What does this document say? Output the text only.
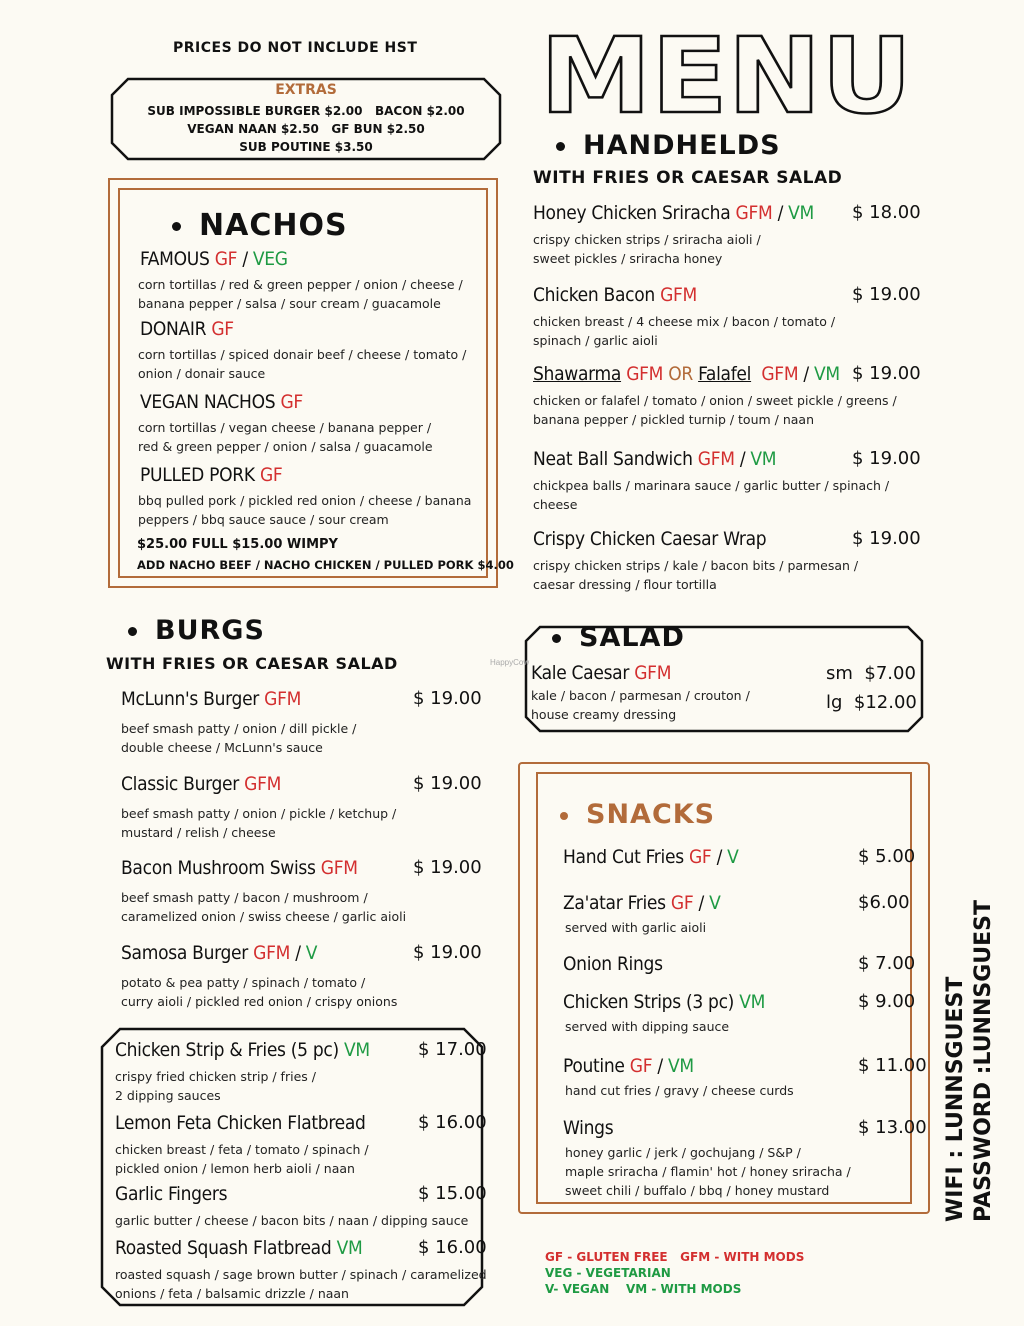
PRICES DO NOT INCLUDE HST MENU
EXTRAS
SUB IMPOSSIBLE BURGER $2.00   BACON $2.00
VEGAN NAAN $2.50   GF BUN $2.50
SUB POUTINE $3.50
NACHOS
FAMOUS GF / VEG
corn tortillas / red & green pepper / onion / cheese /
banana pepper / salsa / sour cream / guacamole
DONAIR GF
corn tortillas / spiced donair beef / cheese / tomato /
onion / donair sauce
VEGAN NACHOS GF
corn tortillas / vegan cheese / banana pepper /
red & green pepper / onion / salsa / guacamole
PULLED PORK GF
bbq pulled pork / pickled red onion / cheese / banana
peppers / bbq sauce sauce / sour cream
$25.00 FULL $15.00 WIMPY
ADD NACHO BEEF / NACHO CHICKEN / PULLED PORK $4.00
HANDHELDS
WITH FRIES OR CAESAR SALAD
Honey Chicken Sriracha GFM / VM $ 18.00
crispy chicken strips / sriracha aioli /
sweet pickles / sriracha honey
Chicken Bacon GFM	$ 19.00
chicken breast / 4 cheese mix / bacon / tomato /
spinach / garlic aioli
Shawarma GFM OR Falafel  GFM / VM $ 19.00
chicken or falafel / tomato / onion / sweet pickle / greens /
banana pepper / pickled turnip / toum / naan
Neat Ball Sandwich GFM / VM	$ 19.00
chickpea balls / marinara sauce / garlic butter / spinach /
cheese
Crispy Chicken Caesar Wrap	$ 19.00
crispy chicken strips / kale / bacon bits / parmesan /
caesar dressing / flour tortilla
BURGS
WITH FRIES OR CAESAR SALAD
McLunn's Burger GFM	$ 19.00
beef smash patty / onion / dill pickle /
double cheese / McLunn's sauce
Classic Burger GFM	$ 19.00
beef smash patty / onion / pickle / ketchup /
mustard / relish / cheese
Bacon Mushroom Swiss GFM	$ 19.00
beef smash patty / bacon / mushroom /
caramelized onion / swiss cheese / garlic aioli
Samosa Burger GFM / V	$ 19.00
potato & pea patty / spinach / tomato /
curry aioli / pickled red onion / crispy onions
Chicken Strip & Fries (5 pc) VM	$ 17.00
crispy fried chicken strip / fries /
2 dipping sauces
Lemon Feta Chicken Flatbread	$ 16.00
chicken breast / feta / tomato / spinach /
pickled onion / lemon herb aioli / naan
Garlic Fingers	$ 15.00
garlic butter / cheese / bacon bits / naan / dipping sauce
Roasted Squash Flatbread VM	$ 16.00
roasted squash / sage brown butter / spinach / caramelized
onions / feta / balsamic drizzle / naan
SALAD
Kale Caesar GFM
kale / bacon / parmesan / crouton /
house creamy dressing
sm $7.00
lg $12.00
HappyCow
SNACKS
Hand Cut Fries GF / V	$ 5.00
Za'atar Fries GF / V	$6.00
served with garlic aioli
Onion Rings	$ 7.00
Chicken Strips (3 pc) VM	$ 9.00
served with dipping sauce
Poutine GF / VM	$ 11.00
hand cut fries / gravy / cheese curds
Wings	$ 13.00
honey garlic / jerk / gochujang / S&P /
maple sriracha / flamin' hot / honey sriracha /
sweet chili / buffalo / bbq / honey mustard
GF - GLUTEN FREE   GFM - WITH MODS
VEG - VEGETARIAN
V- VEGAN    VM - WITH MODS
WIFI : LUNNSGUEST PASSWORD :LUNNSGUEST
